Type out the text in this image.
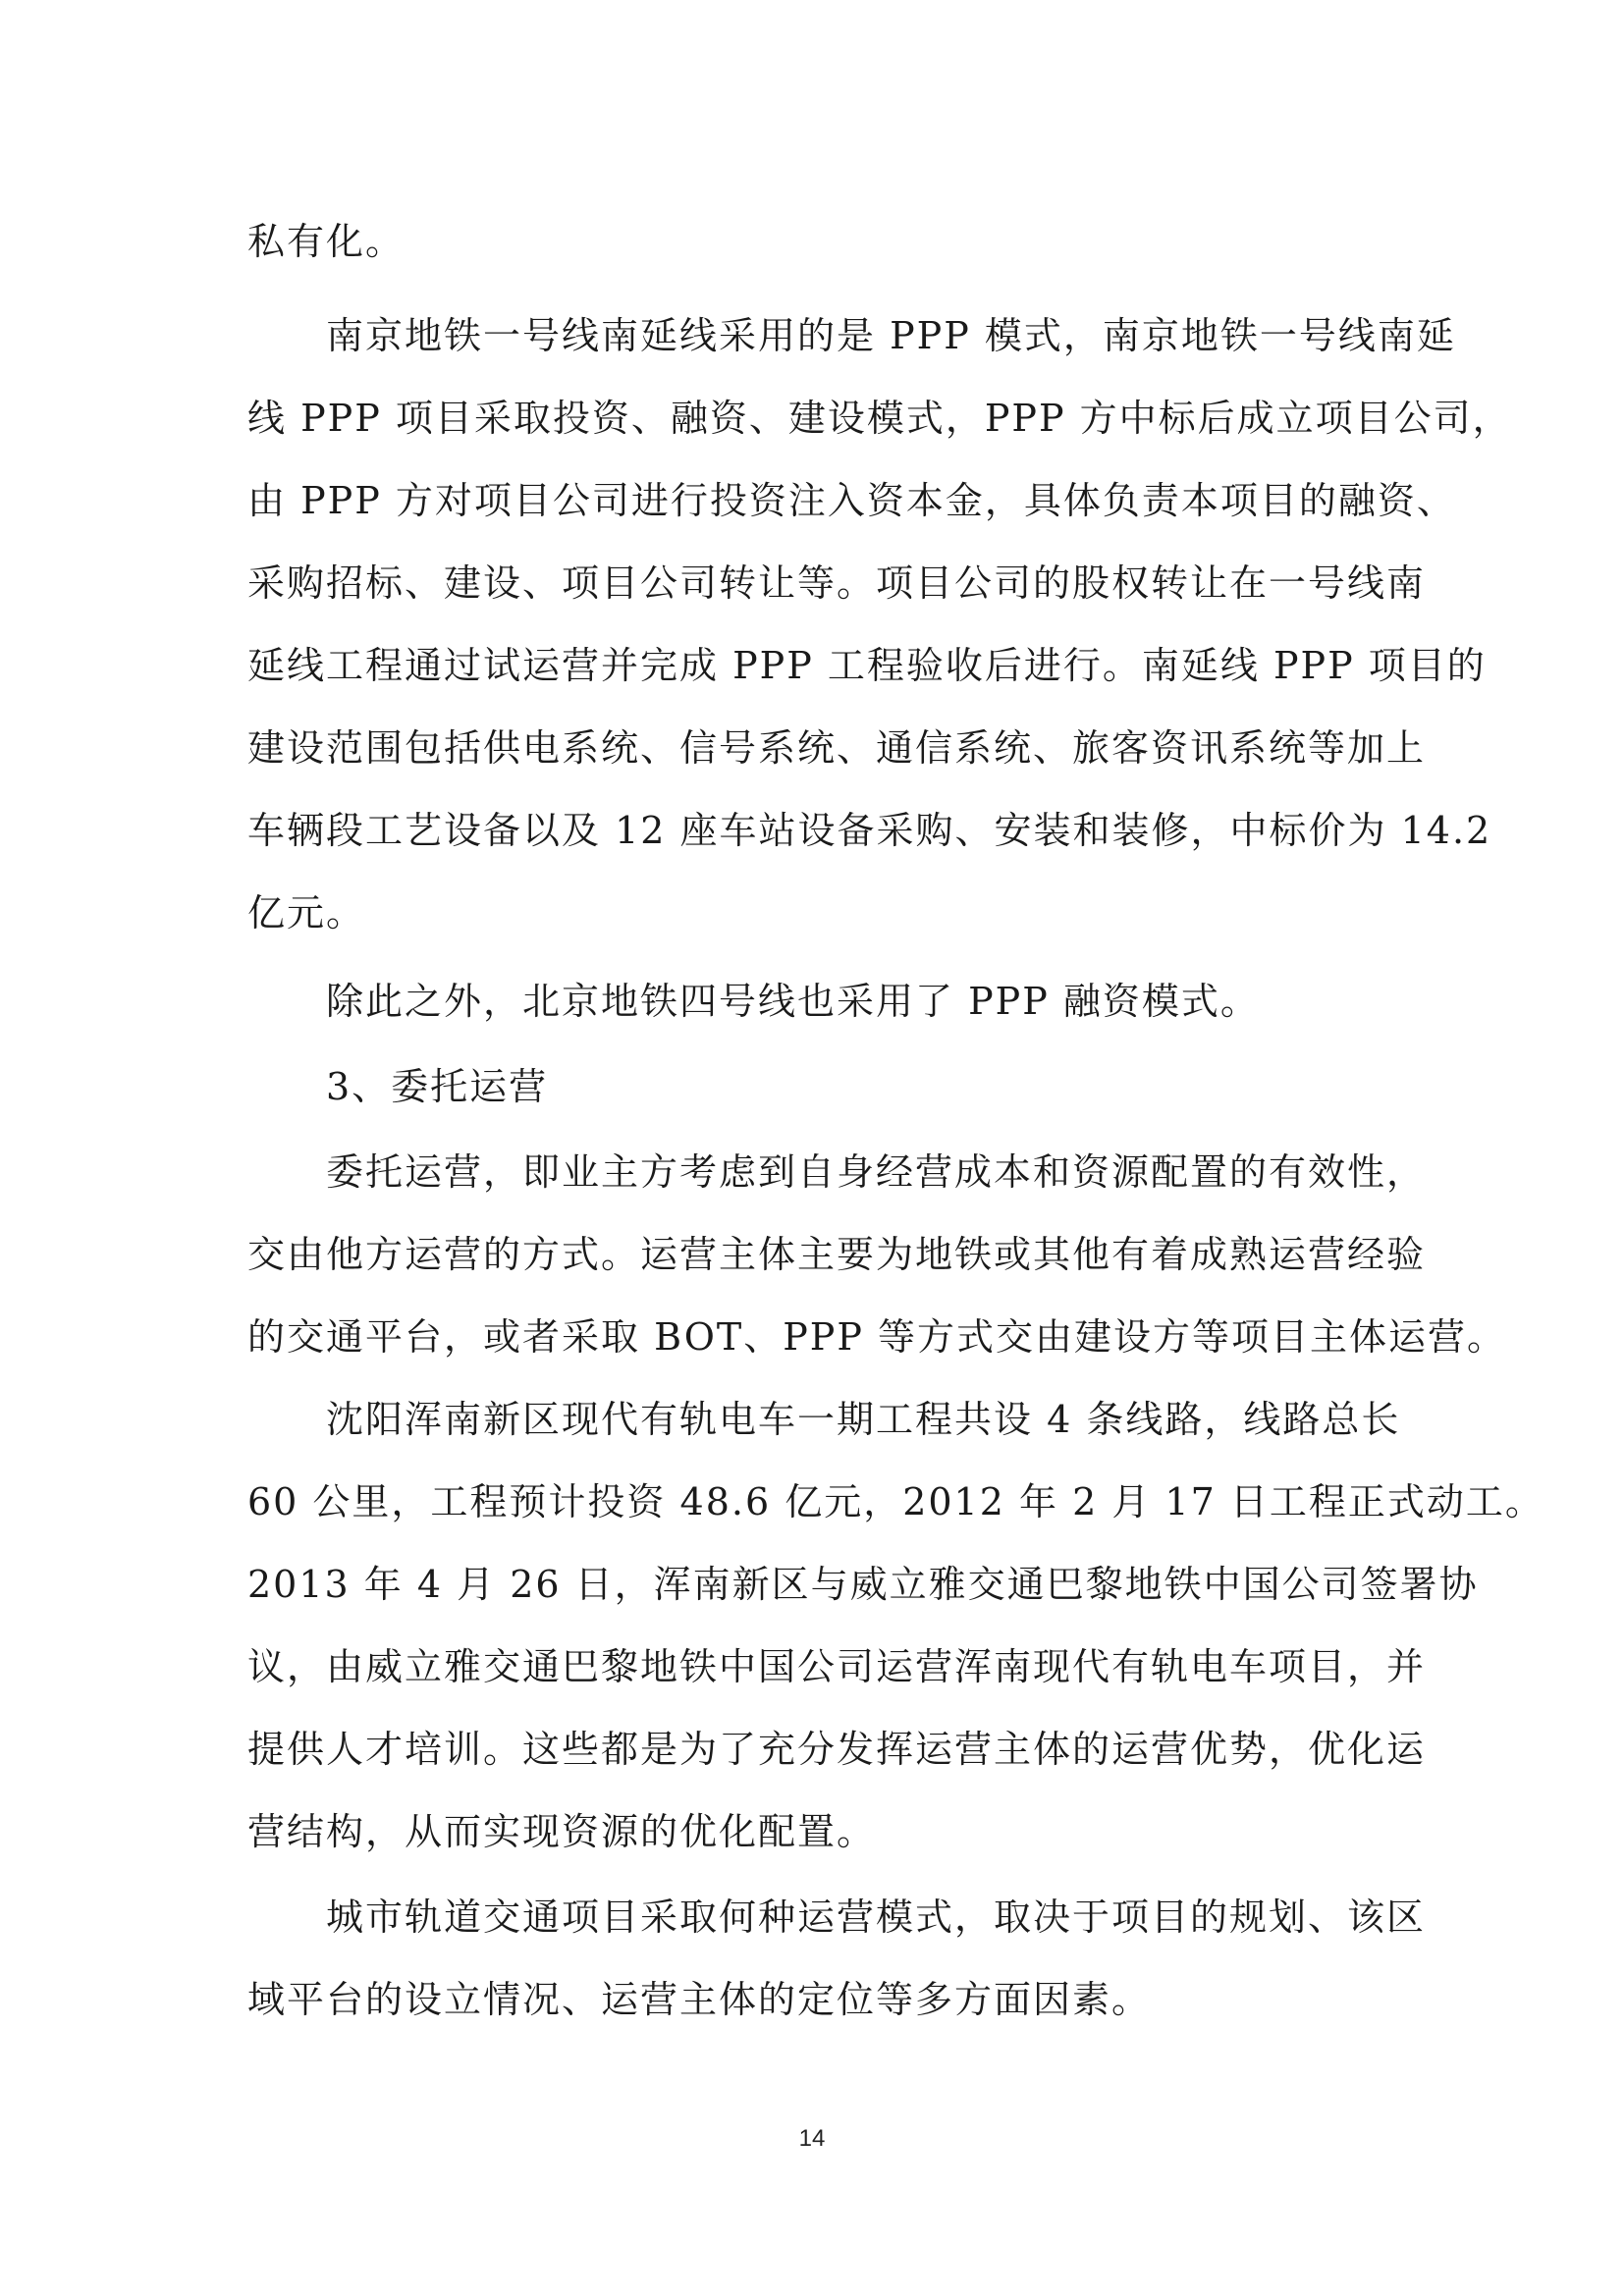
私有化。
南京地铁一号线南延线采用的是 PPP 模式，南京地铁一号线南延
线 PPP 项目采取投资、融资、建设模式，PPP 方中标后成立项目公司，
由 PPP 方对项目公司进行投资注入资本金，具体负责本项目的融资、
采购招标、建设、项目公司转让等。项目公司的股权转让在一号线南
延线工程通过试运营并完成 PPP 工程验收后进行。南延线 PPP 项目的
建设范围包括供电系统、信号系统、通信系统、旅客资讯系统等加上
车辆段工艺设备以及 12 座车站设备采购、安装和装修，中标价为 14.2
亿元。
除此之外，北京地铁四号线也采用了 PPP 融资模式。
3、委托运营
委托运营，即业主方考虑到自身经营成本和资源配置的有效性，
交由他方运营的方式。运营主体主要为地铁或其他有着成熟运营经验
的交通平台，或者采取 BOT、PPP 等方式交由建设方等项目主体运营。
沈阳浑南新区现代有轨电车一期工程共设 4 条线路，线路总长
60 公里，工程预计投资 48.6 亿元，2012 年 2 月 17 日工程正式动工。
2013 年 4 月 26 日，浑南新区与威立雅交通巴黎地铁中国公司签署协
议，由威立雅交通巴黎地铁中国公司运营浑南现代有轨电车项目，并
提供人才培训。这些都是为了充分发挥运营主体的运营优势，优化运
营结构，从而实现资源的优化配置。
城市轨道交通项目采取何种运营模式，取决于项目的规划、该区
域平台的设立情况、运营主体的定位等多方面因素。
14
